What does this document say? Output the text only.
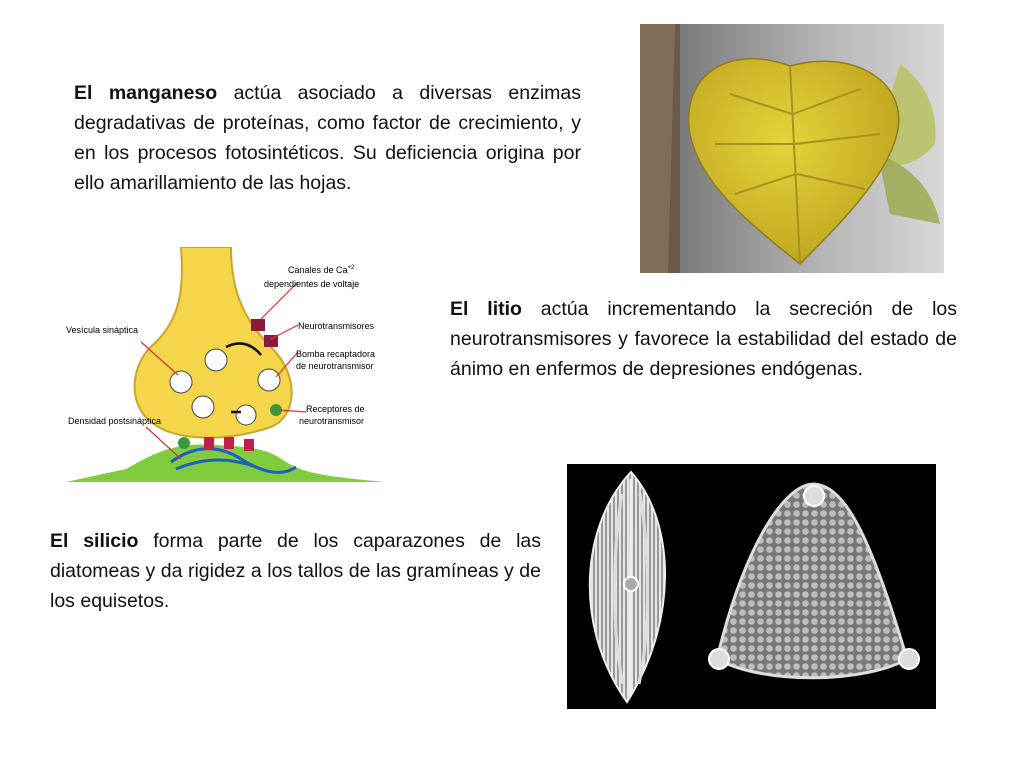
El manganeso actúa asociado a diversas enzimas degradativas de proteínas, como factor de crecimiento, y en los procesos fotosintéticos. Su deficiencia origina por ello amarillamiento de las hojas.

Canales de $Ca^{+2}$
dependientes de voltaje
Vesícula sináptica	Neurotransmisores
Bomba recaptadora
de neurotransmisor
Receptores de
neurotransmisor
Densidad postsináptica

El litio actúa incrementando la secreción de los neurotransmisores y favorece la estabilidad del estado de ánimo en enfermos de depresiones endógenas.

El silicio forma parte de los caparazones de las diatomeas y da rigidez a los tallos de las gramíneas y de los equisetos.
